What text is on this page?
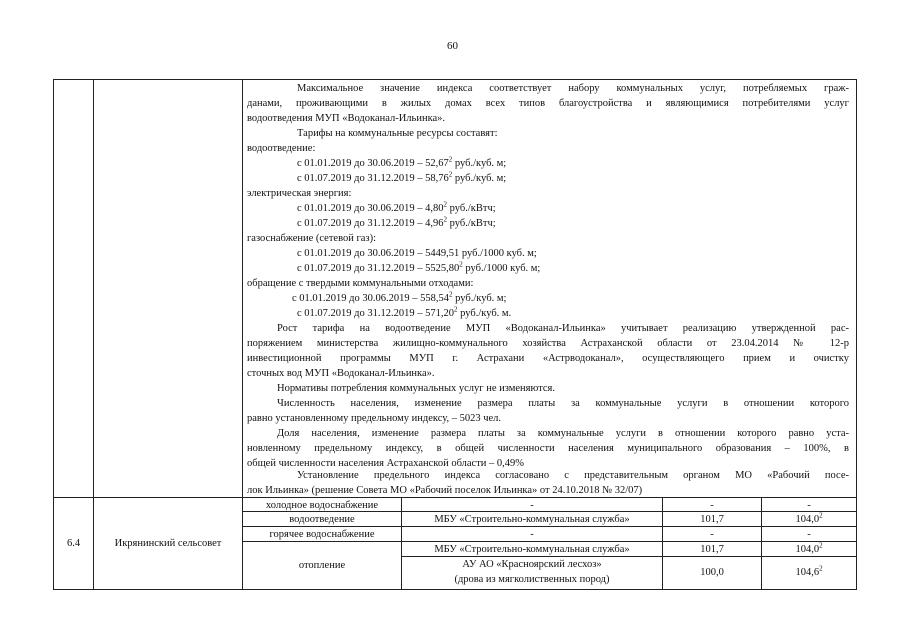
60
Максимальное значение индекса соответствует набору коммунальных услуг, потребляемых граж-
данами, проживающими в жилых домах всех типов благоустройства и являющимися потребителями услуг
водоотведения МУП «Водоканал-Ильинка».
Тарифы на коммунальные ресурсы составят:
водоотведение:
с 01.01.2019 до 30.06.2019 – 52,67$^2$ руб./куб. м;
с 01.07.2019 до 31.12.2019 – 58,76$^2$ руб./куб. м;
электрическая энергия:
с 01.01.2019 до 30.06.2019 – 4,80$^2$ руб./кВтч;
с 01.07.2019 до 31.12.2019 – 4,96$^2$ руб./кВтч;
газоснабжение (сетевой газ):
с 01.01.2019 до 30.06.2019 – 5449,51 руб./1000 куб. м;
с 01.07.2019 до 31.12.2019 – 5525,80$^2$ руб./1000 куб. м;
обращение с твердыми коммунальными отходами:
с 01.01.2019 до 30.06.2019 – 558,54$^2$ руб./куб. м;
с 01.07.2019 до 31.12.2019 – 571,20$^2$ руб./куб. м.
Рост тарифа на водоотведение МУП «Водоканал-Ильинка» учитывает реализацию утвержденной рас-
поряжением министерства жилищно-коммунального хозяйства Астраханской области от 23.04.2014 № 12-р
инвестиционной программы МУП г. Астрахани «Астрводоканал», осуществляющего прием и очистку
сточных вод МУП «Водоканал-Ильинка».
Нормативы потребления коммунальных услуг не изменяются.
Численность населения, изменение размера платы за коммунальные услуги в отношении которого
равно установленному предельному индексу, – 5023 чел.
Доля населения, изменение размера платы за коммунальные услуги в отношении которого равно уста-
новленному предельному индексу, в общей численности населения муниципального образования – 100%, в
общей численности населения Астраханской области – 0,49%
Установление предельного индекса согласовано с представительным органом МО «Рабочий посе-
лок Ильинка» (решение Совета МО «Рабочий поселок Ильинка» от 24.10.2018 № 32/07)
6.4	Икрянинский сельсовет
холодное водоснабжение
водоотведение
горячее водоснабжение
отопление
-
МБУ «Строительно-коммунальная служба»
-
МБУ «Строительно-коммунальная служба»
АУ АО «Красноярский лесхоз»
(дрова из мягколиственных пород)
-
101,7
-
101,7
100,0
-
104,0$^2$
-
104,0$^2$
104,6$^2$
